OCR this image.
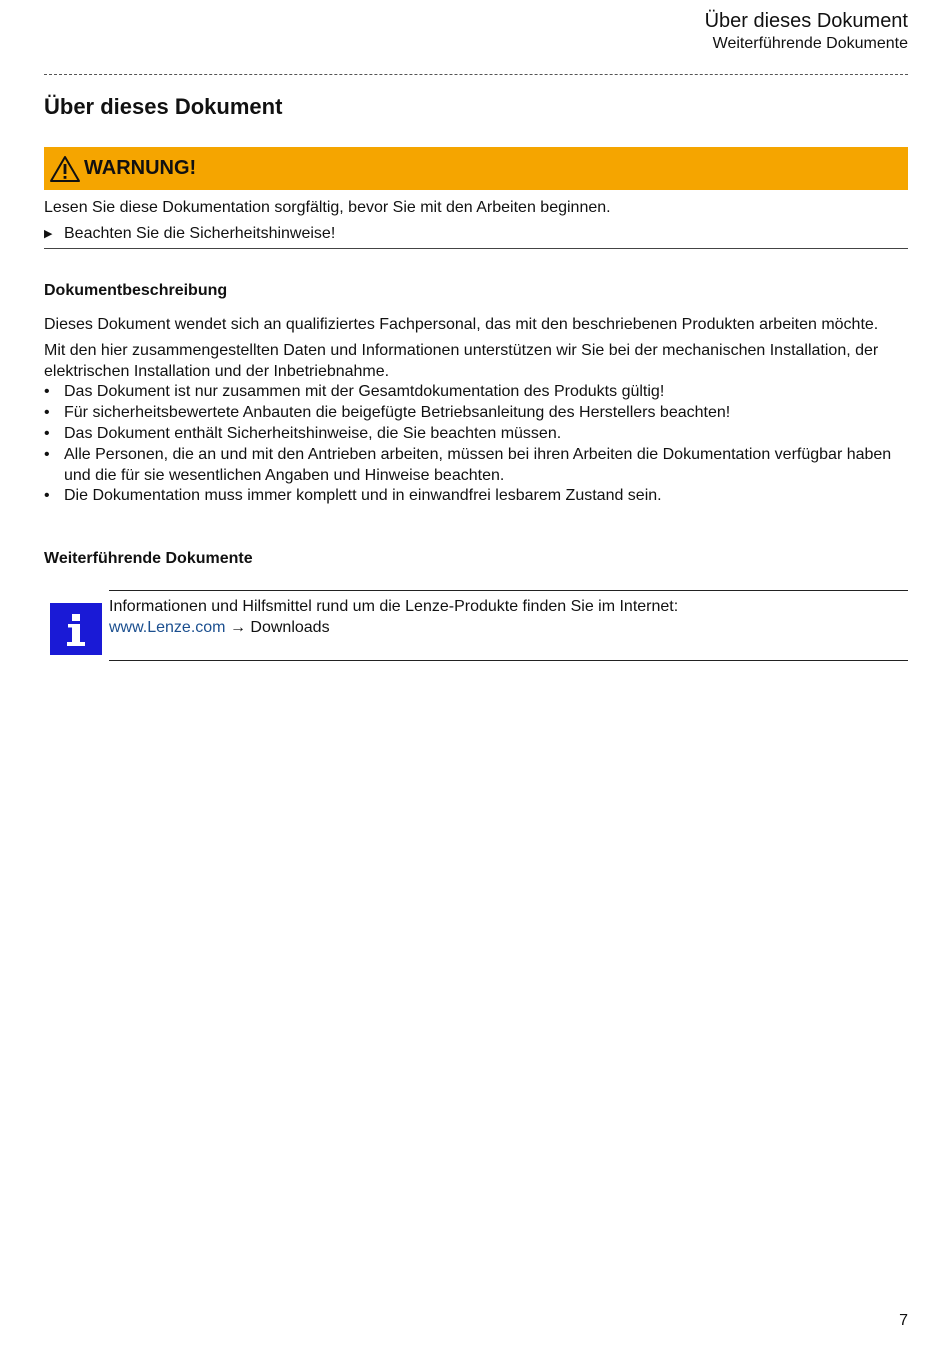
Über dieses Dokument
Weiterführende Dokumente
Über dieses Dokument
WARNUNG!
Lesen Sie diese Dokumentation sorgfältig, bevor Sie mit den Arbeiten beginnen.
▶ Beachten Sie die Sicherheitshinweise!
Dokumentbeschreibung

Dieses Dokument wendet sich an qualifiziertes Fachpersonal, das mit den beschriebenen Produkten arbeiten möchte.

Mit den hier zusammengestellten Daten und Informationen unterstützen wir Sie bei der mechanischen Installation, der elektrischen Installation und der Inbetriebnahme.

• Das Dokument ist nur zusammen mit der Gesamtdokumentation des Produkts gültig!
• Für sicherheitsbewertete Anbauten die beigefügte Betriebsanleitung des Herstellers beachten!
• Das Dokument enthält Sicherheitshinweise, die Sie beachten müssen.
• Alle Personen, die an und mit den Antrieben arbeiten, müssen bei ihren Arbeiten die Dokumentation verfügbar haben und die für sie wesentlichen Angaben und Hinweise beachten.
• Die Dokumentation muss immer komplett und in einwandfrei lesbarem Zustand sein.
Weiterführende Dokumente
Informationen und Hilfsmittel rund um die Lenze-Produkte finden Sie im Internet:
www.Lenze.com → Downloads
7
